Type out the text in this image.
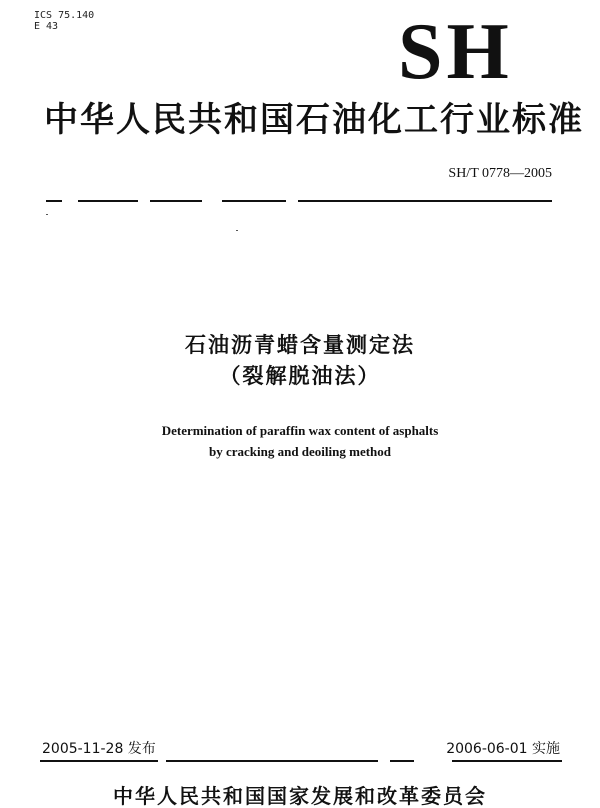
ICS 75.140
E 43	SH
中华人民共和国石油化工行业标准
SH/T 0778—2005
石油沥青蜡含量测定法
（裂解脱油法）
Determination of paraffin wax content of asphalts
by cracking and deoiling method
2005-11-28 发布	2006-06-01 实施
中华人民共和国国家发展和改革委员会
